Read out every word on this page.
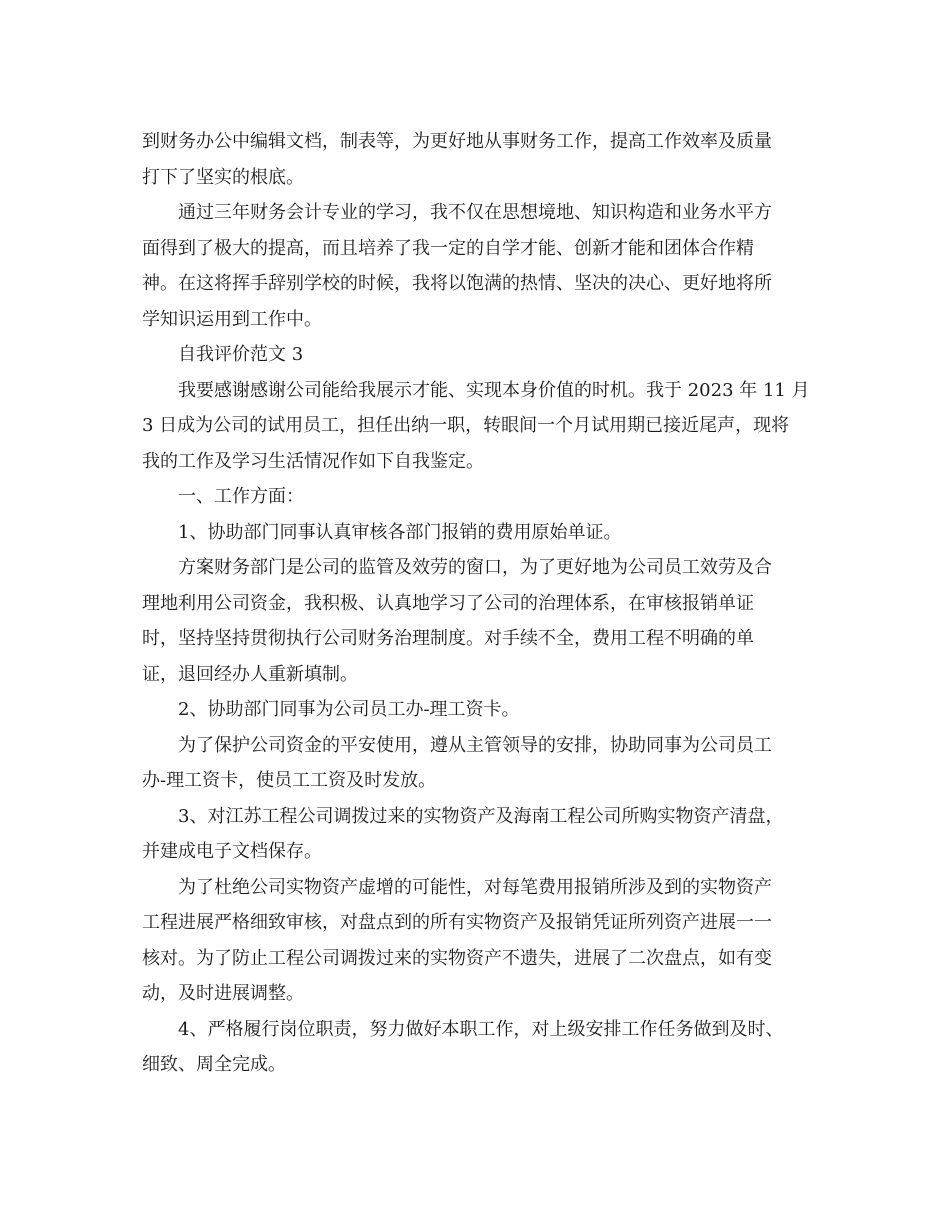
到财务办公中编辑文档，制表等，为更好地从事财务工作，提高工作效率及质量
打下了坚实的根底。
通过三年财务会计专业的学习，我不仅在思想境地、知识构造和业务水平方
面得到了极大的提高，而且培养了我一定的自学才能、创新才能和团体合作精
神。在这将挥手辞别学校的时候，我将以饱满的热情、坚决的决心、更好地将所
学知识运用到工作中。
自我评价范文 3
我要感谢感谢公司能给我展示才能、实现本身价值的时机。我于 2023 年 11 月
3 日成为公司的试用员工，担任出纳一职，转眼间一个月试用期已接近尾声，现将
我的工作及学习生活情况作如下自我鉴定。
一、工作方面：
1、协助部门同事认真审核各部门报销的费用原始单证。
方案财务部门是公司的监管及效劳的窗口，为了更好地为公司员工效劳及合
理地利用公司资金，我积极、认真地学习了公司的治理体系，在审核报销单证
时，坚持坚持贯彻执行公司财务治理制度。对手续不全，费用工程不明确的单
证，退回经办人重新填制。
2、协助部门同事为公司员工办-理工资卡。
为了保护公司资金的平安使用，遵从主管领导的安排，协助同事为公司员工
办-理工资卡，使员工工资及时发放。
3、对江苏工程公司调拨过来的实物资产及海南工程公司所购实物资产清盘，
并建成电子文档保存。
为了杜绝公司实物资产虚增的可能性，对每笔费用报销所涉及到的实物资产
工程进展严格细致审核，对盘点到的所有实物资产及报销凭证所列资产进展一一
核对。为了防止工程公司调拨过来的实物资产不遗失，进展了二次盘点，如有变
动，及时进展调整。
4、严格履行岗位职责，努力做好本职工作，对上级安排工作任务做到及时、
细致、周全完成。
